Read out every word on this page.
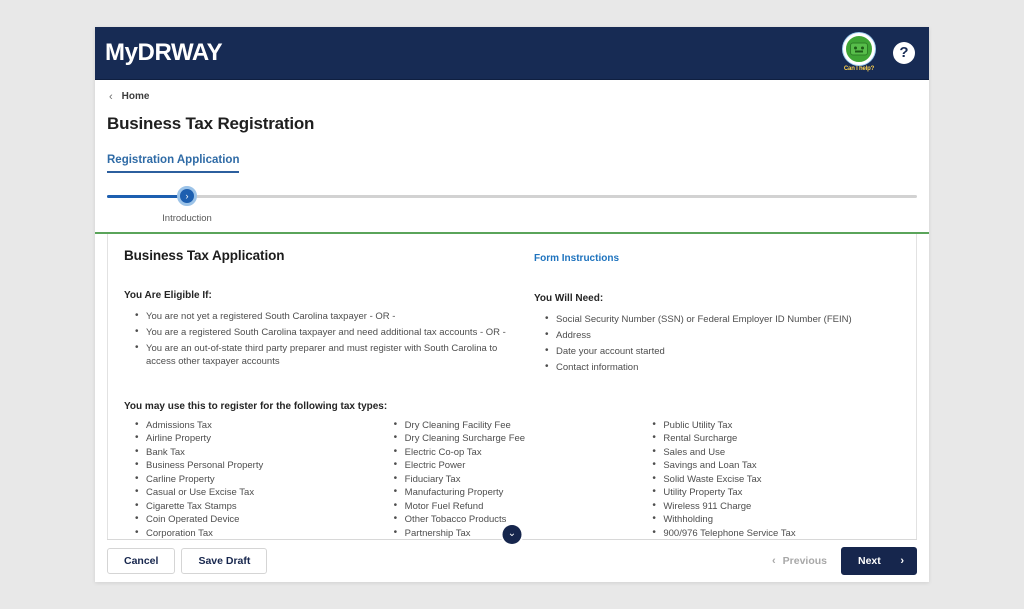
MyDRWAY
Can I help?
?
‹ Home
Business Tax Registration
Registration Application
›
Introduction
Business Tax Application
You Are Eligible If:
• You are not yet a registered South Carolina taxpayer - OR -
• You are a registered South Carolina taxpayer and need additional tax accounts - OR -
• You are an out-of-state third party preparer and must register with South Carolina to access other taxpayer accounts
Form Instructions
You Will Need:
• Social Security Number (SSN) or Federal Employer ID Number (FEIN)
• Address
• Date your account started
• Contact information
You may use this to register for the following tax types:
• Admissions Tax
• Airline Property
• Bank Tax
• Business Personal Property
• Carline Property
• Casual or Use Excise Tax
• Cigarette Tax Stamps
• Coin Operated Device
• Corporation Tax
• Dry Cleaning Facility Fee
• Dry Cleaning Surcharge Fee
• Electric Co-op Tax
• Electric Power
• Fiduciary Tax
• Manufacturing Property
• Motor Fuel Refund
• Other Tobacco Products
• Partnership Tax
• Public Utility Tax
• Rental Surcharge
• Sales and Use
• Savings and Loan Tax
• Solid Waste Excise Tax
• Utility Property Tax
• Wireless 911 Charge
• Withholding
• 900/976 Telephone Service Tax
⌄
Cancel	Save Draft	‹ Previous	Next ›
